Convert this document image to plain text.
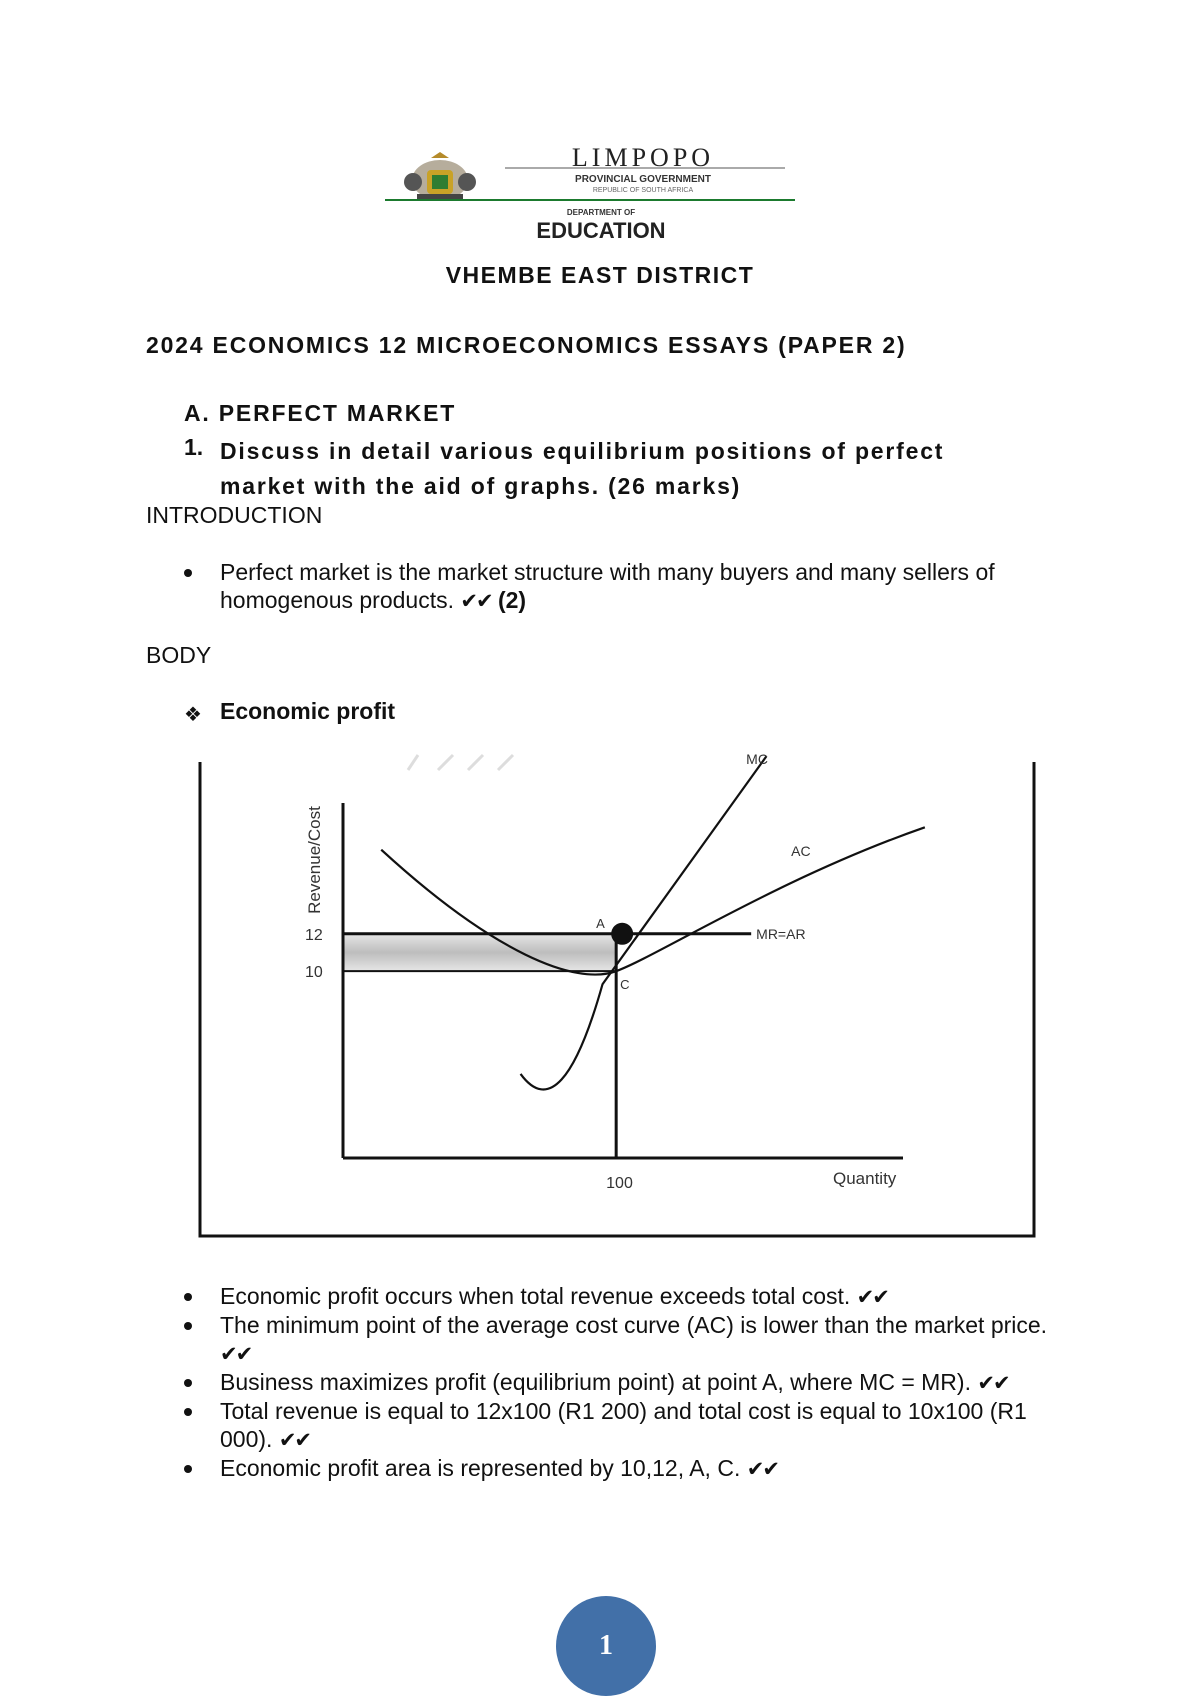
LIMPOPO
PROVINCIAL GOVERNMENT
REPUBLIC OF SOUTH AFRICA
DEPARTMENT OF
EDUCATION
VHEMBE EAST DISTRICT
2024 ECONOMICS 12 MICROECONOMICS ESSAYS (PAPER 2)
A. PERFECT MARKET
1. Discuss in detail various equilibrium positions of perfect market with the aid of graphs. (26 marks)
INTRODUCTION

Perfect market is the market structure with many buyers and many sellers of homogenous products. ✔✔ (2)

BODY
❖ Economic profit
MC
AC
MR=AR
A
C
12
10
100	Quantity
Revenue/Cost

Economic profit occurs when total revenue exceeds total cost. ✔✔

The minimum point of the average cost curve (AC) is lower than the market price. ✔✔

Business maximizes profit (equilibrium point) at point A, where MC = MR). ✔✔

Total revenue is equal to 12x100 (R1 200) and total cost is equal to 10x100 (R1 000). ✔✔

Economic profit area is represented by 10,12, A, C. ✔✔

1
